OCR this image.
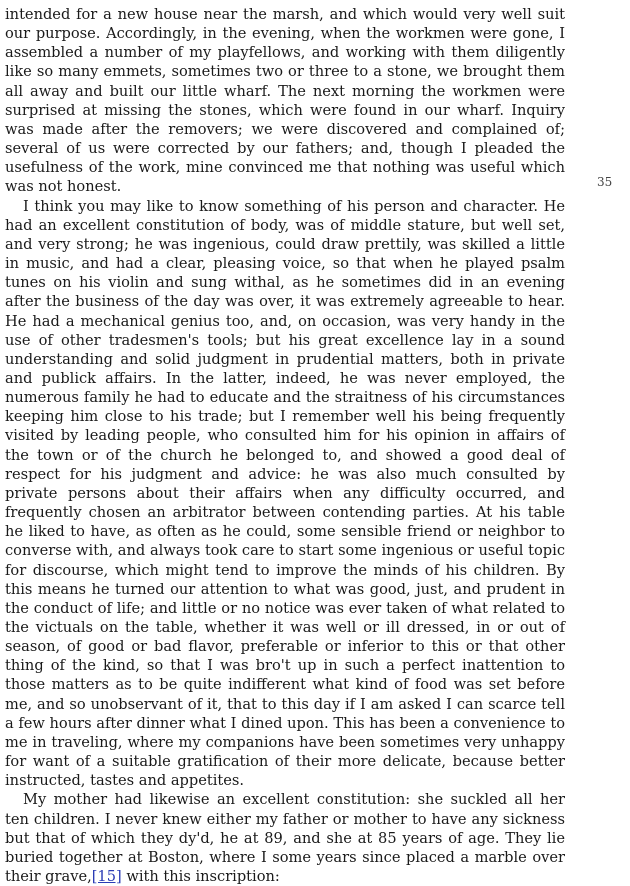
intended for a new house near the marsh, and which would very well suit our purpose. Accordingly, in the evening, when the workmen were gone, I assembled a number of my playfellows, and working with them diligently like so many emmets, sometimes two or three to a stone, we brought them all away and built our little wharf. The next morning the workmen were surprised at missing the stones, which were found in our wharf. Inquiry was made after the removers; we were discovered and complained of; several of us were corrected by our fathers; and, though I pleaded the usefulness of the work, mine convinced me that nothing was useful which was not honest.

I think you may like to know something of his person and character. He had an excellent constitution of body, was of middle stature, but well set, and very strong; he was ingenious, could draw prettily, was skilled a little in music, and had a clear, pleasing voice, so that when he played psalm tunes on his violin and sung withal, as he sometimes did in an evening after the business of the day was over, it was extremely agreeable to hear. He had a mechanical genius too, and, on occasion, was very handy in the use of other tradesmen's tools; but his great excellence lay in a sound understanding and solid judgment in prudential matters, both in private and publick affairs. In the latter, indeed, he was never employed, the numerous family he had to educate and the straitness of his circumstances keeping him close to his trade; but I remember well his being frequently visited by leading people, who consulted him for his opinion in affairs of the town or of the church he belonged to, and showed a good deal of respect for his judgment and advice: he was also much consulted by private persons about their affairs when any difficulty occurred, and frequently chosen an arbitrator between contending parties. At his table he liked to have, as often as he could, some sensible friend or neighbor to converse with, and always took care to start some ingenious or useful topic for discourse, which might tend to improve the minds of his children. By this means he turned our attention to what was good, just, and prudent in the conduct of life; and little or no notice was ever taken of what related to the victuals on the table, whether it was well or ill dressed, in or out of season, of good or bad flavor, preferable or inferior to this or that other thing of the kind, so that I was bro't up in such a perfect inattention to those matters as to be quite indifferent what kind of food was set before me, and so unobservant of it, that to this day if I am asked I can scarce tell a few hours after dinner what I dined upon. This has been a convenience to me in traveling, where my companions have been sometimes very unhappy for want of a suitable gratification of their more delicate, because better instructed, tastes and appetites.

My mother had likewise an excellent constitution: she suckled all her ten children. I never knew either my father or mother to have any sickness but that of which they dy'd, he at 89, and she at 85 years of age. They lie buried together at Boston, where I some years since placed a marble over their grave,[15] with this inscription:

35
